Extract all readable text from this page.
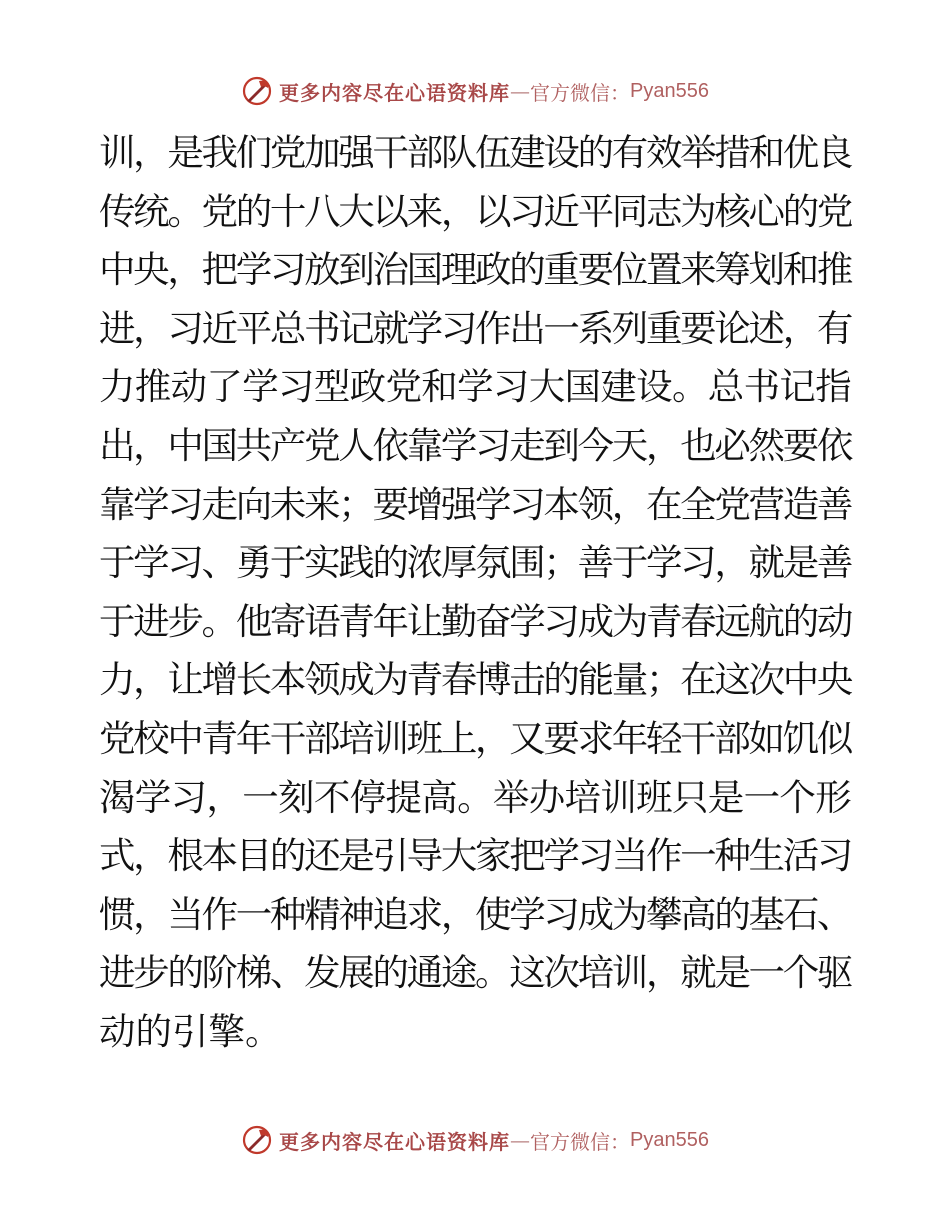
更多内容尽在心语资料库 — 官方微信： Pyan556
训，是我们党加强干部队伍建设的有效举措和优良
传统。党的十八大以来，以习近平同志为核心的党
中央，把学习放到治国理政的重要位置来筹划和推
进，习近平总书记就学习作出一系列重要论述，有
力推动了学习型政党和学习大国建设。总书记指
出，中国共产党人依靠学习走到今天，也必然要依
靠学习走向未来；要增强学习本领，在全党营造善
于学习、勇于实践的浓厚氛围；善于学习，就是善
于进步。他寄语青年让勤奋学习成为青春远航的动
力，让增长本领成为青春博击的能量；在这次中央
党校中青年干部培训班上，又要求年轻干部如饥似
渴学习，一刻不停提高。举办培训班只是一个形
式，根本目的还是引导大家把学习当作一种生活习
惯，当作一种精神追求，使学习成为攀高的基石、
进步的阶梯、发展的通途。这次培训，就是一个驱
动的引擎。
更多内容尽在心语资料库 — 官方微信： Pyan556
